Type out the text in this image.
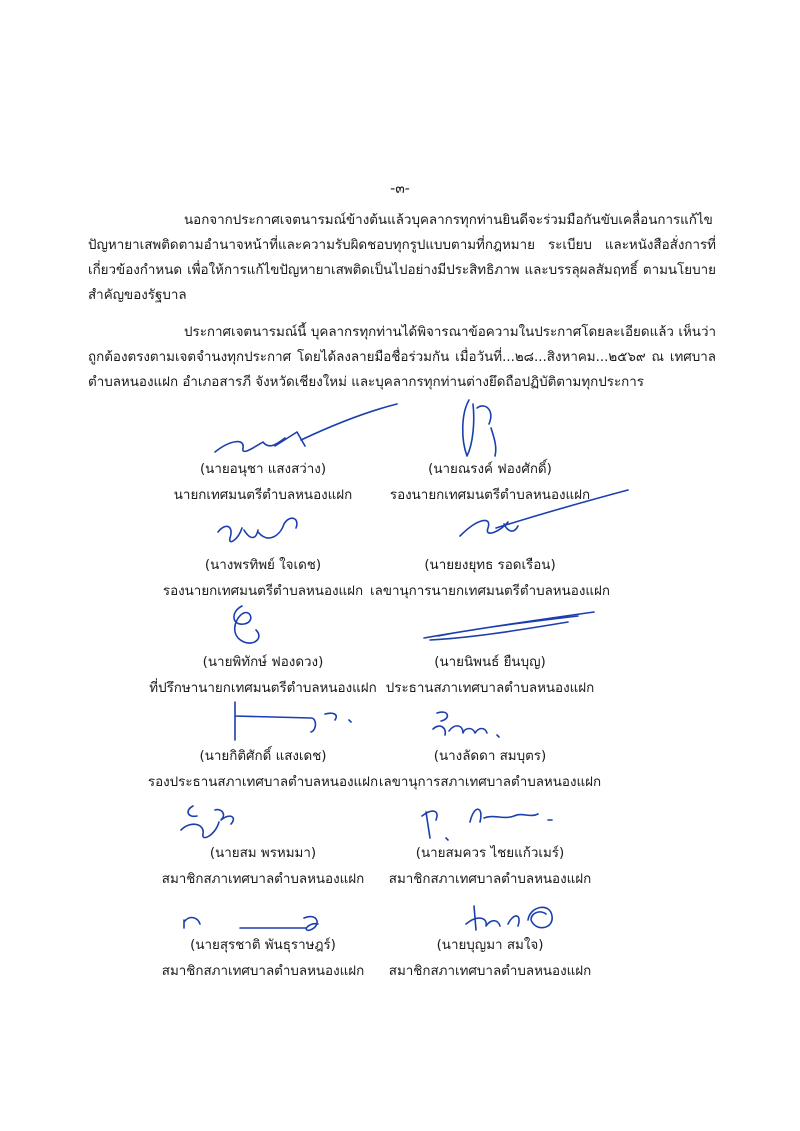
-๓-

นอกจากประกาศเจตนารมณ์ข้างต้นแล้วบุคลากรทุกท่านยินดีจะร่วมมือกันขับเคลื่อนการแก้ไขปัญหายาเสพติดตามอำนาจหน้าที่และความรับผิดชอบทุกรูปแบบตามที่กฎหมาย ระเบียบ และหนังสือสั่งการที่เกี่ยวข้องกำหนด เพื่อให้การแก้ไขปัญหายาเสพติดเป็นไปอย่างมีประสิทธิภาพ และบรรลุผลสัมฤทธิ์ ตามนโยบายสำคัญของรัฐบาล

ประกาศเจตนารมณ์นี้ บุคลากรทุกท่านได้พิจารณาข้อความในประกาศโดยละเอียดแล้ว เห็นว่าถูกต้องตรงตามเจตจำนงทุกประกาศ โดยได้ลงลายมือชื่อร่วมกัน เมื่อวันที่...๒๘...สิงหาคม...๒๕๖๙ ณ เทศบาลตำบลหนองแฝก อำเภอสารภี จังหวัดเชียงใหม่ และบุคลากรทุกท่านต่างยึดถือปฏิบัติตามทุกประการ

(นายอนุชา แสงสว่าง)
นายกเทศมนตรีตำบลหนองแฝก
(นางพรทิพย์ ใจเดช)
รองนายกเทศมนตรีตำบลหนองแฝก
(นายพิทักษ์ ฟองดวง)
ที่ปรึกษานายกเทศมนตรีตำบลหนองแฝก
(นายกิติศักดิ์ แสงเดช)
รองประธานสภาเทศบาลตำบลหนองแฝก
(นายสม พรหมมา)
สมาชิกสภาเทศบาลตำบลหนองแฝก
(นายสุรชาติ พันธุราษฎร์)
สมาชิกสภาเทศบาลตำบลหนองแฝก
(นายณรงค์ ฟองศักดิ์)
รองนายกเทศมนตรีตำบลหนองแฝก
(นายยงยุทธ รอดเรือน)
เลขานุการนายกเทศมนตรีตำบลหนองแฝก
(นายนิพนธ์ ยืนบุญ)
ประธานสภาเทศบาลตำบลหนองแฝก
(นางลัดดา สมบุตร)
เลขานุการสภาเทศบาลตำบลหนองแฝก
(นายสมควร ไชยแก้วเมร์)
สมาชิกสภาเทศบาลตำบลหนองแฝก
(นายบุญมา สมใจ)
สมาชิกสภาเทศบาลตำบลหนองแฝก
